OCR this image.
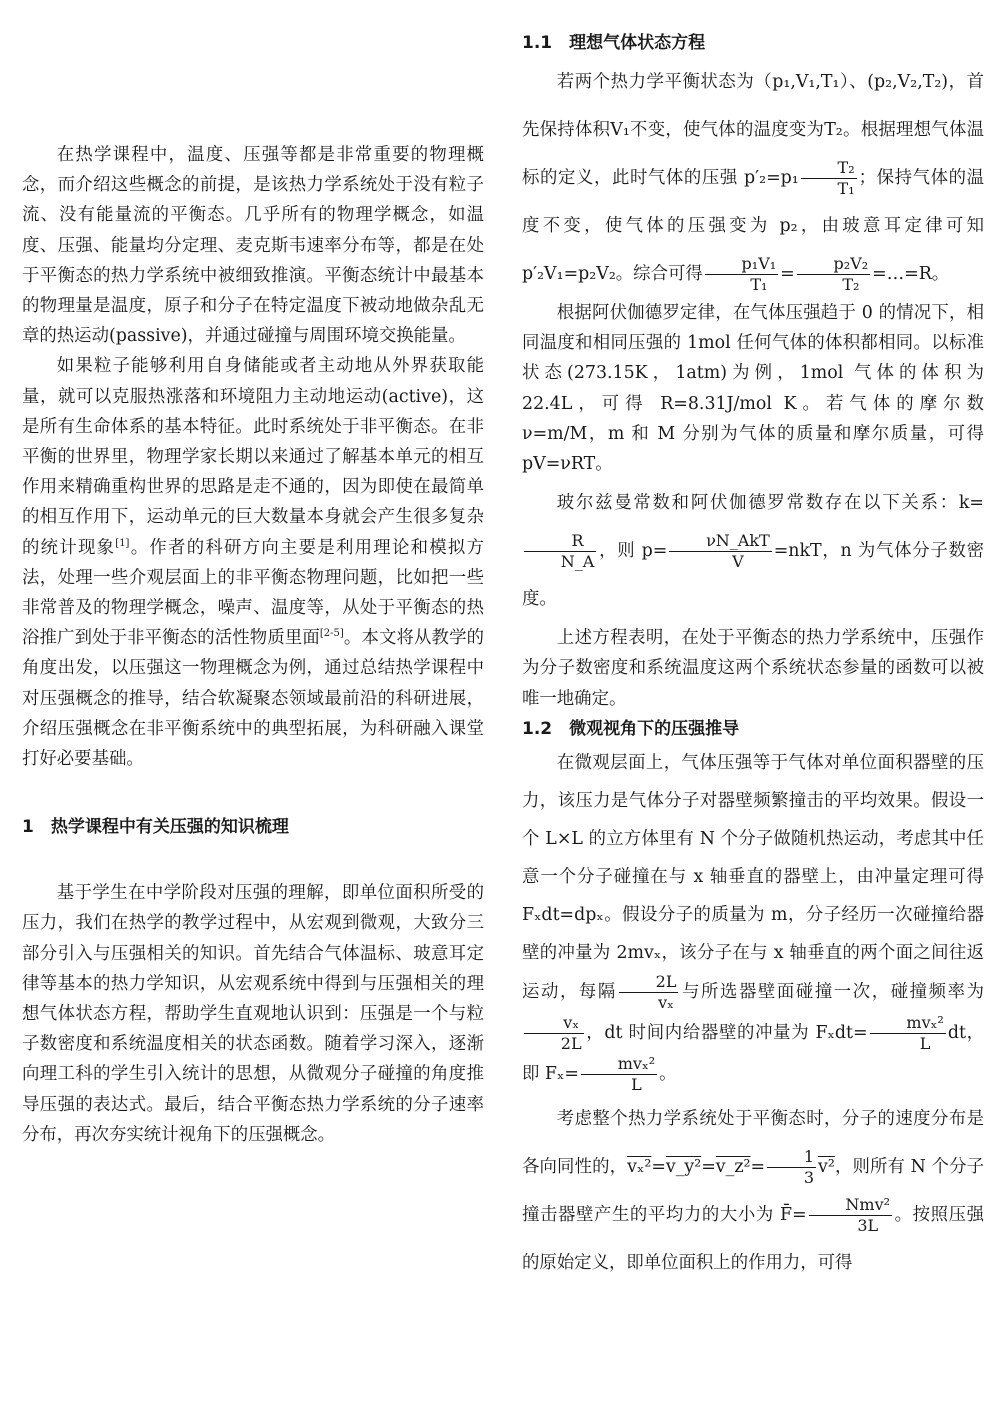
在热学课程中，温度、压强等都是非常重要的物理概念，而介绍这些概念的前提，是该热力学系统处于没有粒子流、没有能量流的平衡态。几乎所有的物理学概念，如温度、压强、能量均分定理、麦克斯韦速率分布等，都是在处于平衡态的热力学系统中被细致推演。平衡态统计中最基本的物理量是温度，原子和分子在特定温度下被动地做杂乱无章的热运动(passive)，并通过碰撞与周围环境交换能量。

如果粒子能够利用自身储能或者主动地从外界获取能量，就可以克服热涨落和环境阻力主动地运动(active)，这是所有生命体系的基本特征。此时系统处于非平衡态。在非平衡的世界里，物理学家长期以来通过了解基本单元的相互作用来精确重构世界的思路是走不通的，因为即使在最简单的相互作用下，运动单元的巨大数量本身就会产生很多复杂的统计现象[1]。作者的科研方向主要是利用理论和模拟方法，处理一些介观层面上的非平衡态物理问题，比如把一些非常普及的物理学概念，噪声、温度等，从处于平衡态的热浴推广到处于非平衡态的活性物质里面[2-5]。本文将从教学的角度出发，以压强这一物理概念为例，通过总结热学课程中对压强概念的推导，结合软凝聚态领域最前沿的科研进展，介绍压强概念在非平衡系统中的典型拓展，为科研融入课堂打好必要基础。

1　热学课程中有关压强的知识梳理

基于学生在中学阶段对压强的理解，即单位面积所受的压力，我们在热学的教学过程中，从宏观到微观，大致分三部分引入与压强相关的知识。首先结合气体温标、玻意耳定律等基本的热力学知识，从宏观系统中得到与压强相关的理想气体状态方程，帮助学生直观地认识到：压强是一个与粒子数密度和系统温度相关的状态函数。随着学习深入，逐渐向理工科的学生引入统计的思想，从微观分子碰撞的角度推导压强的表达式。最后，结合平衡态热力学系统的分子速率分布，再次夯实统计视角下的压强概念。

1.1　理想气体状态方程

若两个热力学平衡状态为（p₁,V₁,T₁）、(p₂,V₂,T₂)，首先保持体积V₁不变，使气体的温度变为T₂。根据理想气体温标的定义，此时气体的压强 $p'_2=p_1 \frac{\text{T₂}}{\text{T₁}}$ ；保持气体的温度不变，使气体的压强变为 p₂，由玻意耳定律可知 p′₂V₁=p₂V₂。综合可得 $\frac{\text{p₁V₁}}{\text{T₁}} = \frac{\text{p₂V₂}}{\text{T₂}}$ =…=R。

根据阿伏伽德罗定律，在气体压强趋于 0 的情况下，相同温度和相同压强的 1mol 任何气体的体积都相同。以标准状态(273.15K，1atm)为例，1mol 气体的体积为 22.4L，可得 R=8.31J/mol K。若气体的摩尔数 ν=m/M，m 和 M 分别为气体的质量和摩尔质量，可得 pV=νRT。

玻尔兹曼常数和阿伏伽德罗常数存在以下关系：k=
$\frac{R}{N\_A}$ ，则 $p= \frac{\text{νN\_AkT}}{V} =nkT$，n 为气体分子数密度。

上述方程表明，在处于平衡态的热力学系统中，压强作为分子数密度和系统温度这两个系统状态参量的函数可以被唯一地确定。

1.2　微观视角下的压强推导

在微观层面上，气体压强等于气体对单位面积器壁的压力，该压力是气体分子对器壁频繁撞击的平均效果。假设一个 L×L 的立方体里有 N 个分子做随机热运动，考虑其中任意一个分子碰撞在与 x 轴垂直的器壁上，由冲量定理可得 Fₓdt=dpₓ。假设分子的质量为 m，分子经历一次碰撞给器壁的冲量为 2mvₓ，该分子在与 x 轴垂直的两个面之间往返运动，每隔 $\frac{2L}{\text{vₓ}}$ 与所选器壁面碰撞一次，碰撞频率为
$\frac{\text{vₓ}}{2L}$ ，dt 时间内给器壁的冲量为 $F_xdt= \frac{\text{mvₓ²}}{L}$ dt，即 $F_x= \frac{\text{mvₓ²}}{L}$ 。

考虑整个热力学系统处于平衡态时，分子的速度分布是各向同性的，vₓ²=v_y²=v_z²= $\frac{1}{3} v^2$，则所有 N 个分子撞击器壁产生的平均力的大小为 F̄= $\frac{\text{Nmv²}}{3L}$ 。按照压强的原始定义，即单位面积上的作用力，可得
